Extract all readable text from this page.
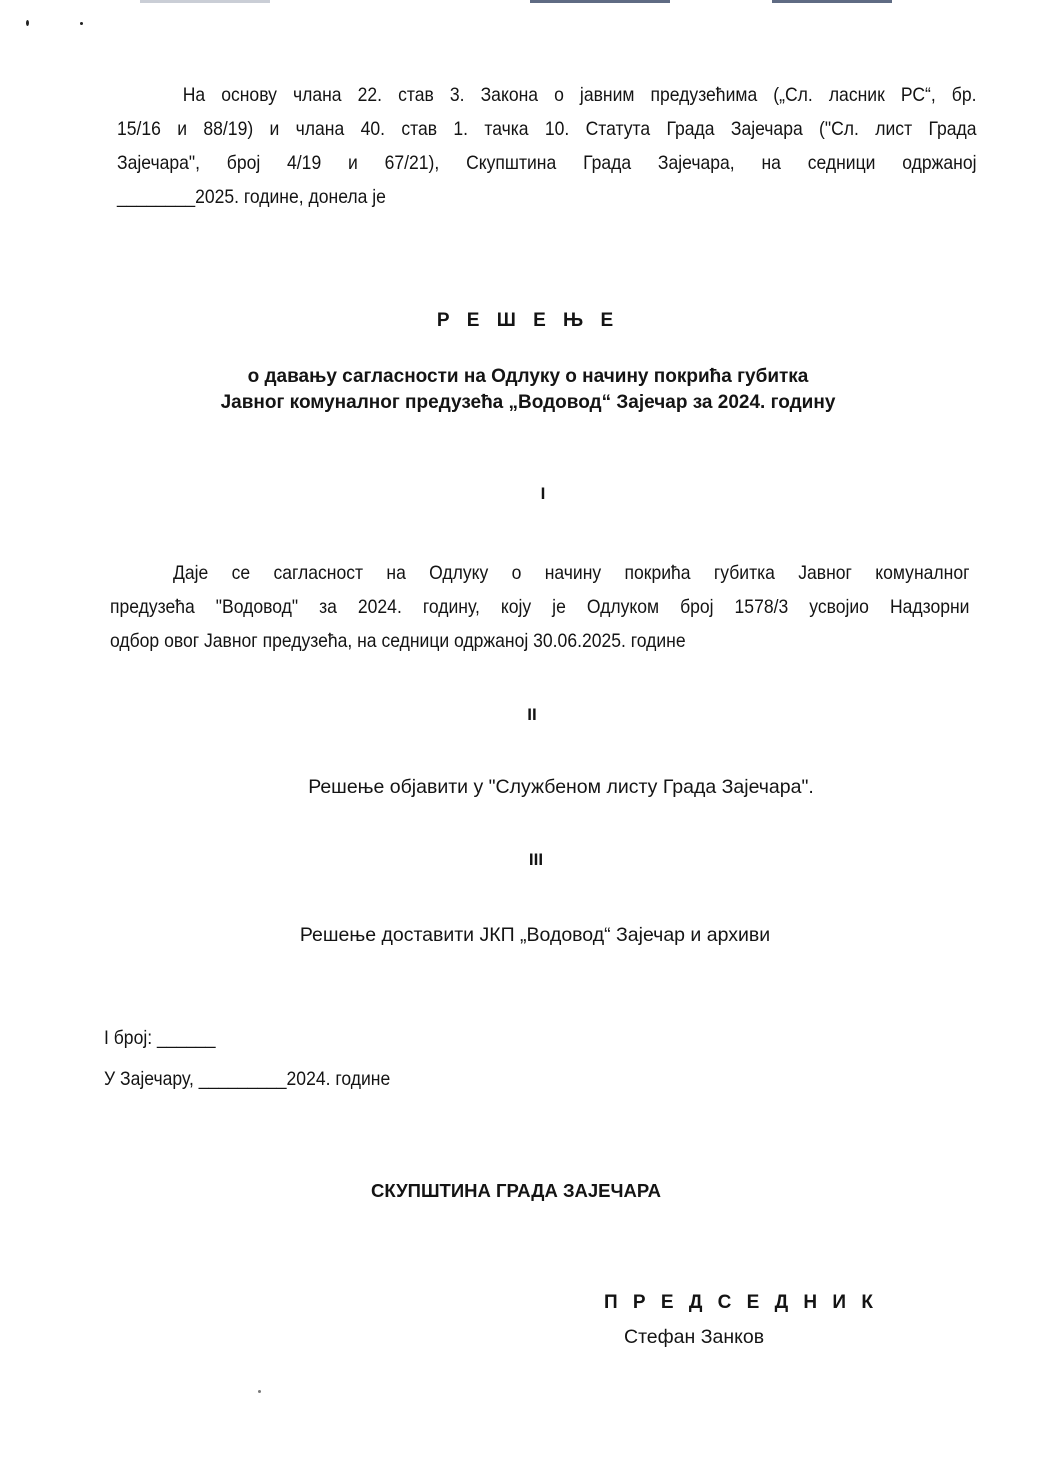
На основу члана 22. став 3. Закона о јавним предузећима („Сл. ласник РС“, бр.
15/16 и 88/19) и члана 40. став 1. тачка 10. Статута Града Зајечара ("Сл. лист Града
Зајечара", број 4/19 и 67/21), Скупштина Града Зајечара, на седници одржаној
________2025. године, донела је
Р Е Ш Е Њ Е
о давању сагласности на Одлуку о начину покрића губитка
Јавног комуналног предузећа „Водовод“ Зајечар за 2024. годину
I
Даје се сагласност на Одлуку о начину покрића губитка Јавног комуналног
предузећа "Водовод" за 2024. годину, коју је Одлуком број 1578/3 усвојио Надзорни
одбор овог Јавног предузећа, на седници одржаној 30.06.2025. године
II
Решење објавити у "Службеном листу Града Зајечара".
III
Решење доставити ЈКП „Водовод“ Зајечар и архиви
I број: ______
У Зајечару, _________2024. године
СКУПШТИНА ГРАДА ЗАЈЕЧАРА
П Р Е Д С Е Д Н И К
Стефан Занков
